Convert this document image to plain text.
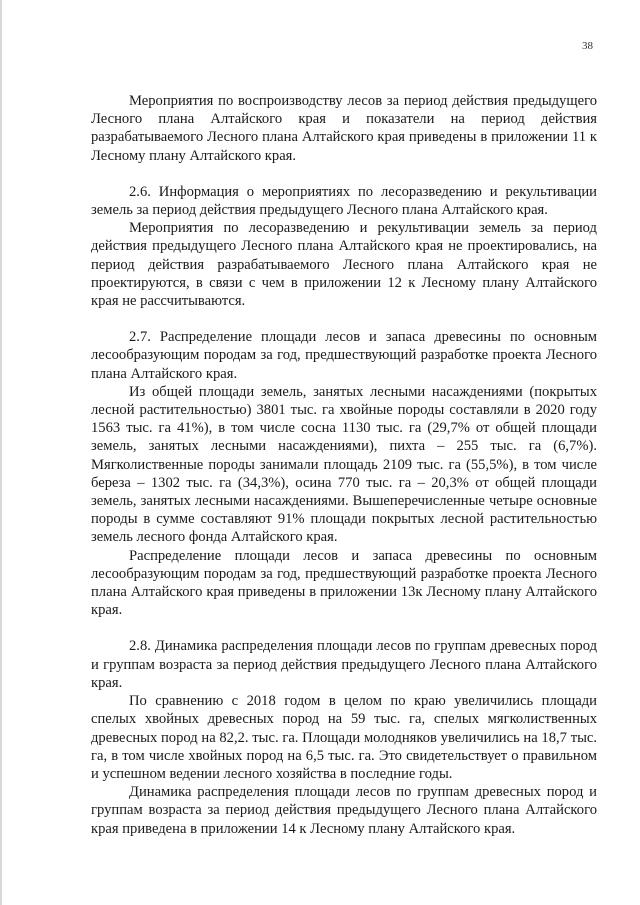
38

Мероприятия по воспроизводству лесов за период действия предыдущего Лесного плана Алтайского края и показатели на период действия разрабатываемого Лесного плана Алтайского края приведены в приложении 11 к Лесному плану Алтайского края.

2.6. Информация о мероприятиях по лесоразведению и рекультивации земель за период действия предыдущего Лесного плана Алтайского края.

Мероприятия по лесоразведению и рекультивации земель за период действия предыдущего Лесного плана Алтайского края не проектировались, на период действия разрабатываемого Лесного плана Алтайского края не проектируются, в связи с чем в приложении 12 к Лесному плану Алтайского края не рассчитываются.

2.7. Распределение площади лесов и запаса древесины по основным лесообразующим породам за год, предшествующий разработке проекта Лесного плана Алтайского края.

Из общей площади земель, занятых лесными насаждениями (покрытых лесной растительностью) 3801 тыс. га хвойные породы составляли в 2020 году 1563 тыс. га 41%), в том числе сосна 1130 тыс. га (29,7% от общей площади земель, занятых лесными насаждениями), пихта – 255 тыс. га (6,7%). Мягколиственные породы занимали площадь 2109 тыс. га (55,5%), в том числе береза – 1302 тыс. га (34,3%), осина 770 тыс. га – 20,3% от общей площади земель, занятых лесными насаждениями. Вышеперечисленные четыре основные породы в сумме составляют 91% площади покрытых лесной растительностью земель лесного фонда Алтайского края.

Распределение площади лесов и запаса древесины по основным лесообразующим породам за год, предшествующий разработке проекта Лесного плана Алтайского края приведены в приложении 13к Лесному плану Алтайского края.

2.8. Динамика распределения площади лесов по группам древесных пород и группам возраста за период действия предыдущего Лесного плана Алтайского края.

По сравнению с 2018 годом в целом по краю увеличились площади спелых хвойных древесных пород на 59 тыс. га, спелых мягколиственных древесных пород на 82,2. тыс. га. Площади молодняков увеличились на 18,7 тыс. га, в том числе хвойных пород на 6,5 тыс. га. Это свидетельствует о правильном и успешном ведении лесного хозяйства в последние годы.

Динамика распределения площади лесов по группам древесных пород и группам возраста за период действия предыдущего Лесного плана Алтайского края приведена в приложении 14 к Лесному плану Алтайского края.
